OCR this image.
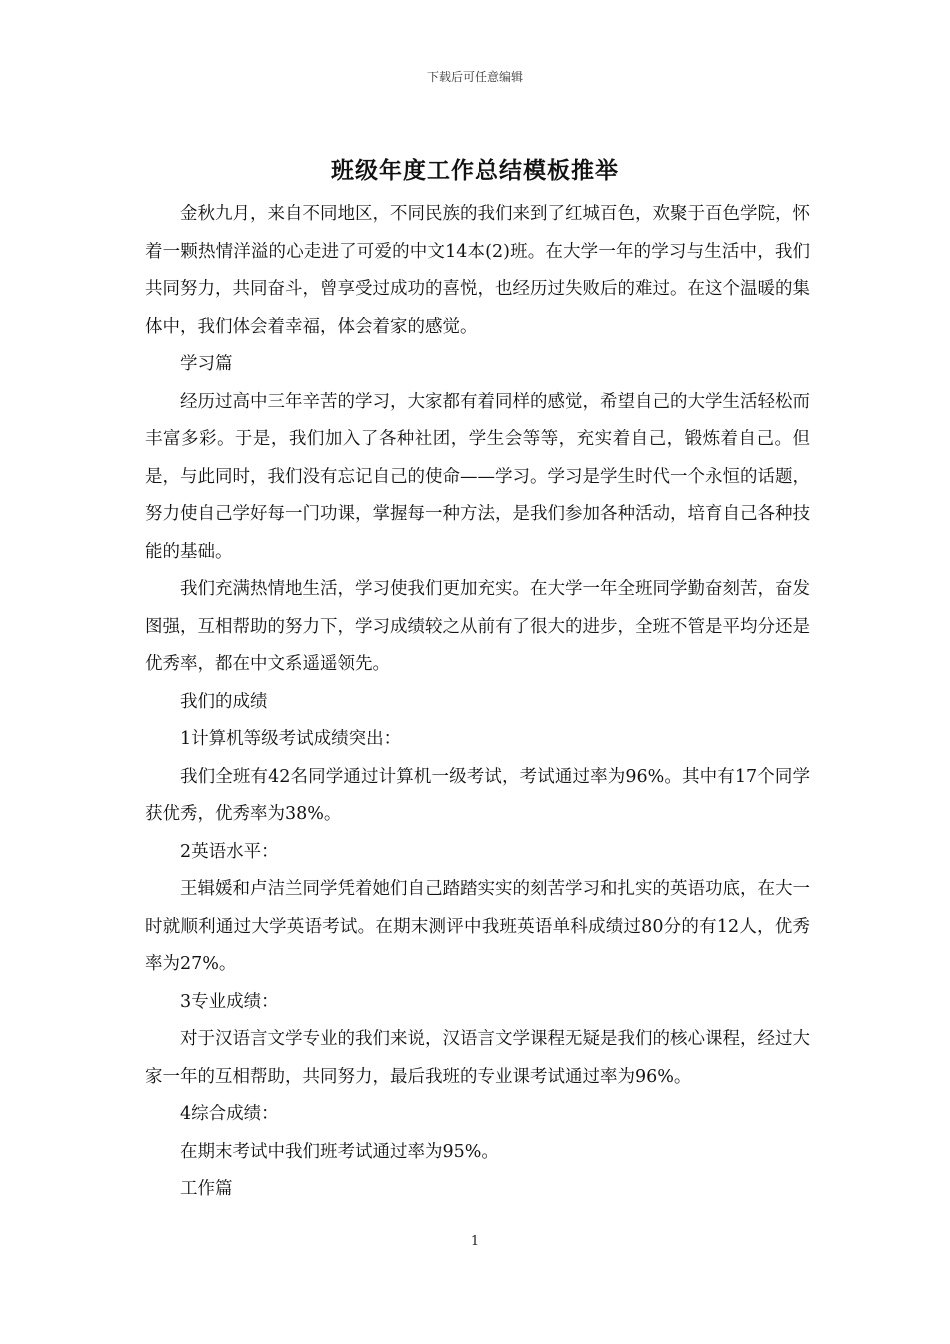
下载后可任意编辑
班级年度工作总结模板推举

金秋九月，来自不同地区，不同民族的我们来到了红城百色，欢聚于百色学院，怀着一颗热情洋溢的心走进了可爱的中文14本(2)班。在大学一年的学习与生活中，我们共同努力，共同奋斗，曾享受过成功的喜悦，也经历过失败后的难过。在这个温暖的集体中，我们体会着幸福，体会着家的感觉。

学习篇

经历过高中三年辛苦的学习，大家都有着同样的感觉，希望自己的大学生活轻松而丰富多彩。于是，我们加入了各种社团，学生会等等，充实着自己，锻炼着自己。但是，与此同时，我们没有忘记自己的使命——学习。学习是学生时代一个永恒的话题，努力使自己学好每一门功课，掌握每一种方法，是我们参加各种活动，培育自己各种技能的基础。

我们充满热情地生活，学习使我们更加充实。在大学一年全班同学勤奋刻苦，奋发图强，互相帮助的努力下，学习成绩较之从前有了很大的进步，全班不管是平均分还是优秀率，都在中文系遥遥领先。

我们的成绩

1计算机等级考试成绩突出：

我们全班有42名同学通过计算机一级考试，考试通过率为96%。其中有17个同学获优秀，优秀率为38%。

2英语水平：

王辑媛和卢洁兰同学凭着她们自己踏踏实实的刻苦学习和扎实的英语功底，在大一时就顺利通过大学英语考试。在期末测评中我班英语单科成绩过80分的有12人，优秀率为27%。

3专业成绩：

对于汉语言文学专业的我们来说，汉语言文学课程无疑是我们的核心课程，经过大家一年的互相帮助，共同努力，最后我班的专业课考试通过率为96%。

4综合成绩：

在期末考试中我们班考试通过率为95%。

工作篇

1
